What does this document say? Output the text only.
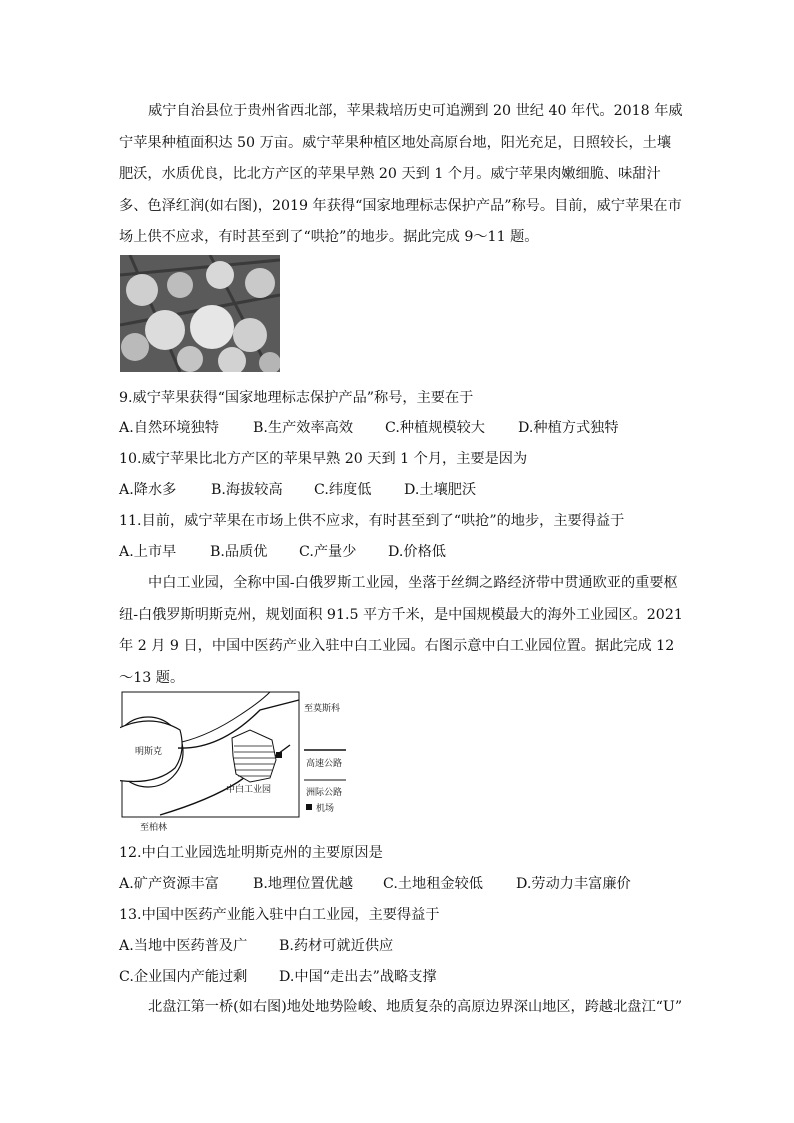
威宁自治县位于贵州省西北部，苹果栽培历史可追溯到 20 世纪 40 年代。2018 年威宁苹果种植面积达 50 万亩。威宁苹果种植区地处高原台地，阳光充足，日照较长，土壤肥沃，水质优良，比北方产区的苹果早熟 20 天到 1 个月。威宁苹果肉嫩细脆、味甜汁多、色泽红润(如右图)，2019 年获得“国家地理标志保护产品”称号。目前，威宁苹果在市场上供不应求，有时甚至到了“哄抢”的地步。据此完成 9～11 题。

9.威宁苹果获得“国家地理标志保护产品”称号，主要在于
A.自然环境独特 B.生产效率高效 C.种植规模较大 D.种植方式独特
10.威宁苹果比北方产区的苹果早熟 20 天到 1 个月，主要是因为
A.降水多 B.海拔较高 C.纬度低 D.土壤肥沃
11.目前，威宁苹果在市场上供不应求，有时甚至到了“哄抢”的地步，主要得益于
A.上市早 B.品质优 C.产量少 D.价格低

中白工业园，全称中国-白俄罗斯工业园，坐落于丝绸之路经济带中贯通欧亚的重要枢纽-白俄罗斯明斯克州，规划面积 91.5 平方千米，是中国规模最大的海外工业园区。2021 年 2 月 9 日，中国中医药产业入驻中白工业园。右图示意中白工业园位置。据此完成 12～13 题。

明斯克
中白工业园
至莫斯科
至柏林
高速公路
洲际公路
机场
12.中白工业园选址明斯克州的主要原因是
A.矿产资源丰富 B.地理位置优越 C.土地租金较低 D.劳动力丰富廉价
13.中国中医药产业能入驻中白工业园，主要得益于
A.当地中医药普及广 B.药材可就近供应
C.企业国内产能过剩 D.中国“走出去”战略支撑

北盘江第一桥(如右图)地处地势险峻、地质复杂的高原边界深山地区，跨越北盘江“U”
